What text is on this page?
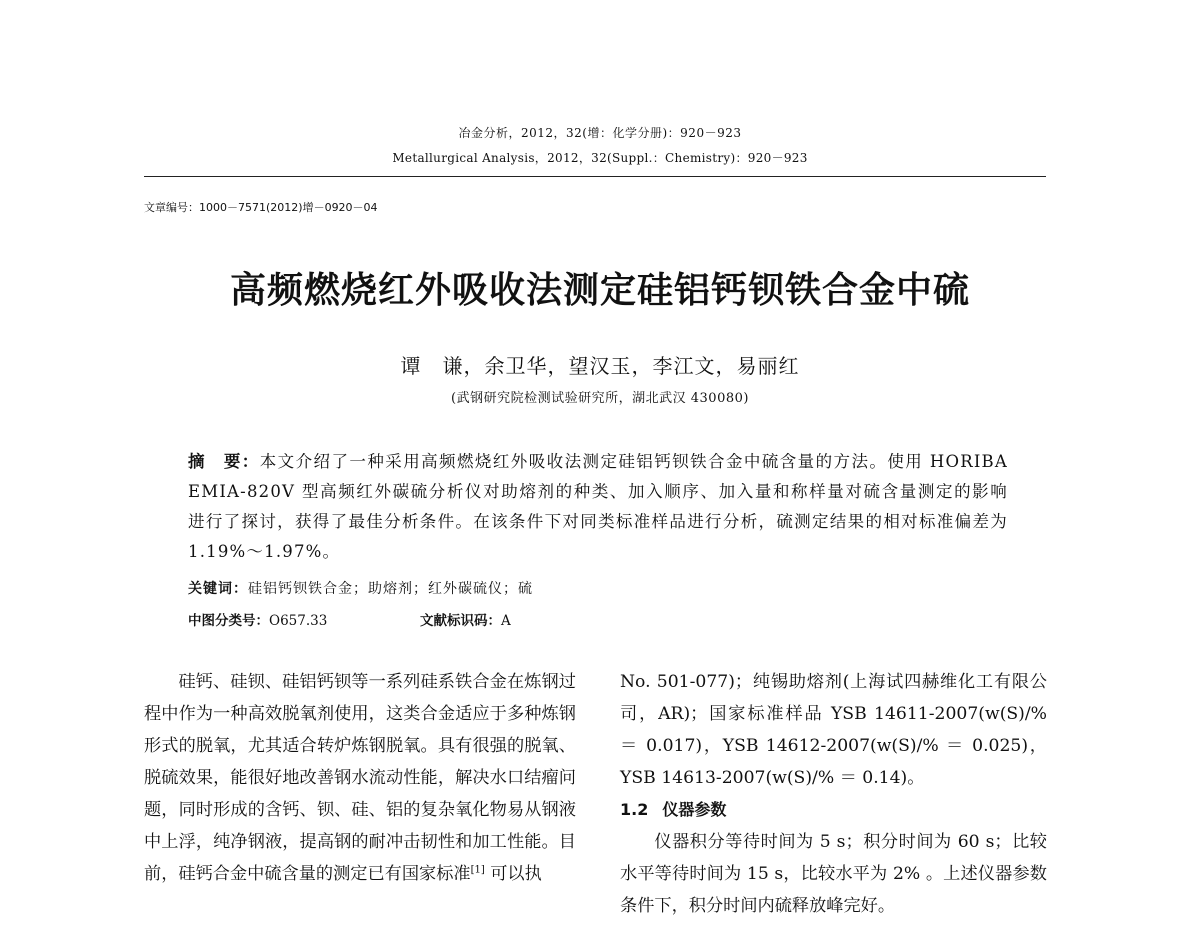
冶金分析，2012，32(增：化学分册)：920－923
Metallurgical Analysis，2012，32(Suppl.：Chemistry)：920－923
文章编号：1000－7571(2012)增－0920－04
高频燃烧红外吸收法测定硅铝钙钡铁合金中硫
谭　谦，余卫华，望汉玉，李江文，易丽红
(武钢研究院检测试验研究所，湖北武汉 430080)
摘　要：本文介绍了一种采用高频燃烧红外吸收法测定硅铝钙钡铁合金中硫含量的方法。使用 HORIBA EMIA-820V 型高频红外碳硫分析仪对助熔剂的种类、加入顺序、加入量和称样量对硫含量测定的影响进行了探讨，获得了最佳分析条件。在该条件下对同类标准样品进行分析，硫测定结果的相对标准偏差为 1.19%～1.97%。
关键词：硅铝钙钡铁合金；助熔剂；红外碳硫仪；硫
中图分类号：O657.33	文献标识码：A

硅钙、硅钡、硅铝钙钡等一系列硅系铁合金在炼钢过程中作为一种高效脱氧剂使用，这类合金适应于多种炼钢形式的脱氧，尤其适合转炉炼钢脱氧。具有很强的脱氧、脱硫效果，能很好地改善钢水流动性能，解决水口结瘤问题，同时形成的含钙、钡、硅、铝的复杂氧化物易从钢液中上浮，纯净钢液，提高钢的耐冲击韧性和加工性能。目前，硅钙合金中硫含量的测定已有国家标准[1] 可以执

No. 501-077)；纯锡助熔剂(上海试四赫维化工有限公司，AR)；国家标准样品 YSB 14611-2007(w(S)/% ＝ 0.017)，YSB 14612-2007(w(S)/% ＝ 0.025)，YSB 14613-2007(w(S)/% ＝ 0.14)。

1.2 仪器参数

仪器积分等待时间为 5 s；积分时间为 60 s；比较水平等待时间为 15 s，比较水平为 2% 。上述仪器参数条件下，积分时间内硫释放峰完好。
